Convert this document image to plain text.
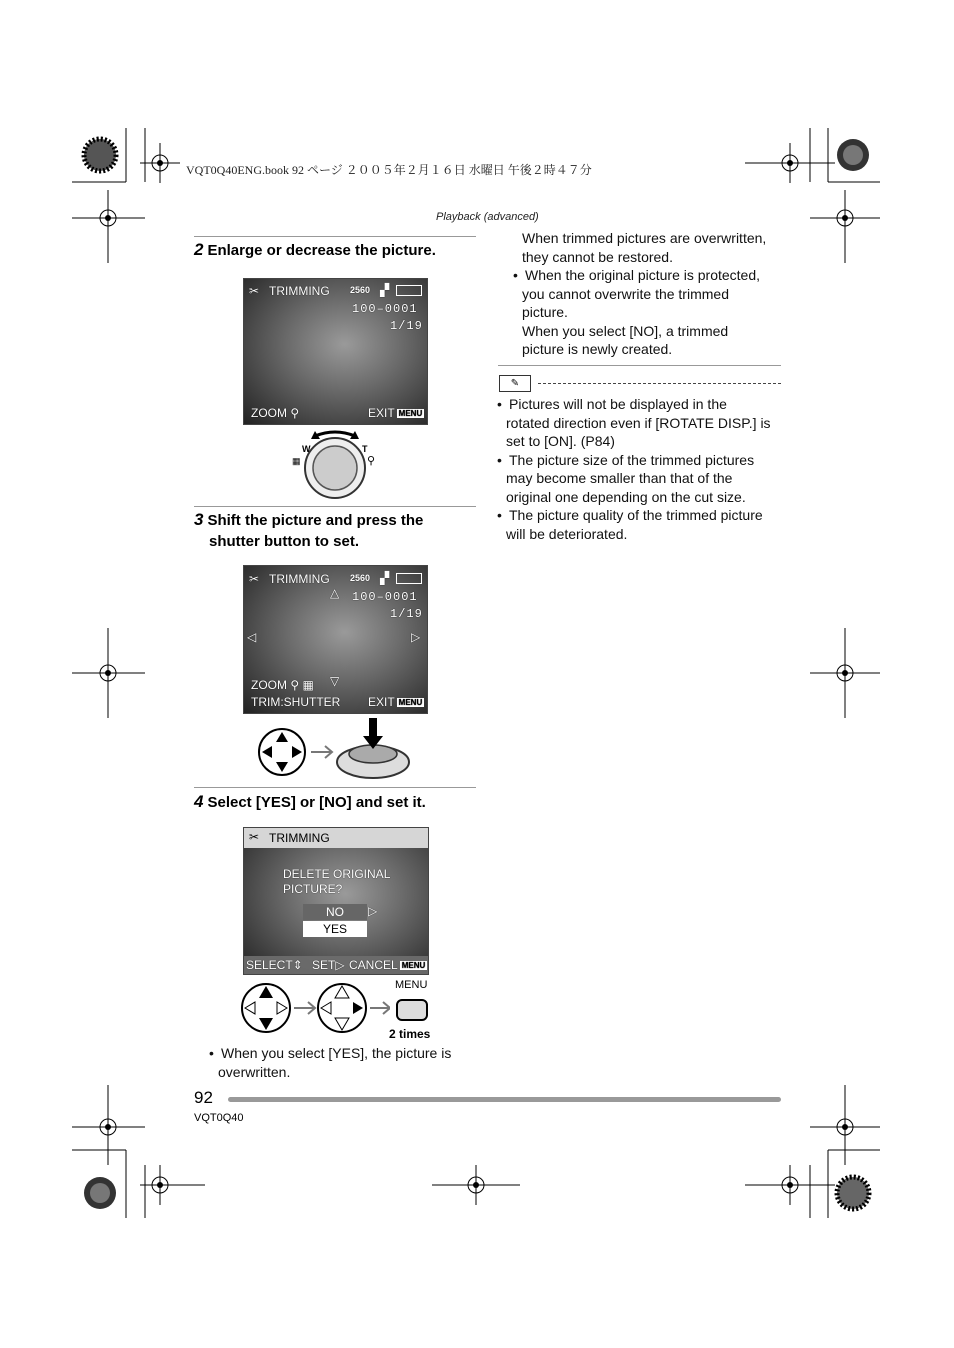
VQT0Q40ENG.book 92 ページ ２００５年２月１６日 水曜日 午後２時４７分
Playback (advanced)
2 Enlarge or decrease the picture.
✂ TRIMMING 2560 ▞
100–0001
1/19
ZOOM ⚲	EXIT MENU
W	T
▦	⚲
3 Shift the picture and press the
shutter button to set.
✂ TRIMMING 2560 ▞
100–0001
1/19
△
◁	▷
▽
ZOOM ⚲ ▦
TRIM:SHUTTER EXIT MENU
4 Select [YES] or [NO] and set it.
✂ TRIMMING
DELETE ORIGINAL
PICTURE?
NO	▷
YES
SELECT⇕ SET▷ CANCEL MENU
MENU
2 times
• When you select [YES], the picture is
overwritten.
When trimmed pictures are overwritten,
they cannot be restored.
• When the original picture is protected,
you cannot overwrite the trimmed
picture.
When you select [NO], a trimmed
picture is newly created.
✎
• Pictures will not be displayed in the
rotated direction even if [ROTATE DISP.] is
set to [ON]. (P84)
• The picture size of the trimmed pictures
may become smaller than that of the
original one depending on the cut size.
• The picture quality of the trimmed picture
will be deteriorated.
92
VQT0Q40
